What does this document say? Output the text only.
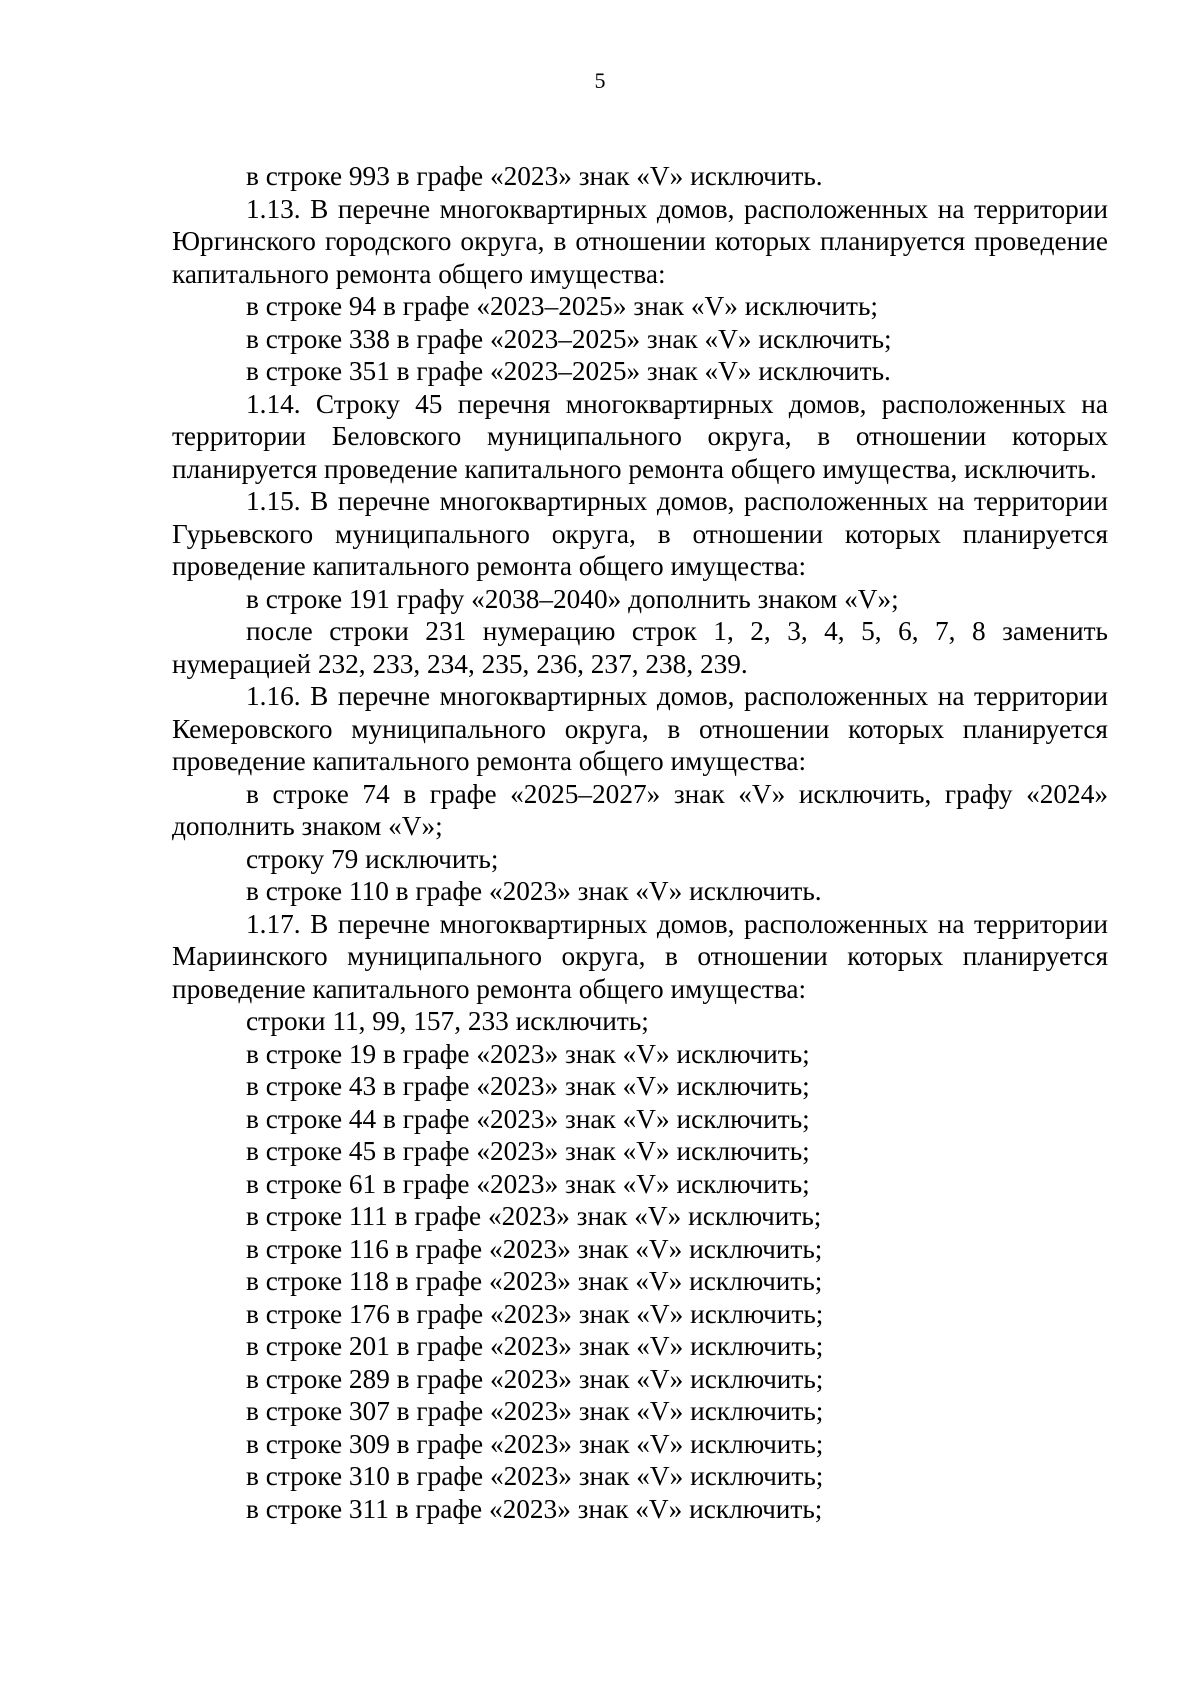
5

в строке 993 в графе «2023» знак «V» исключить.

1.13. В перечне многоквартирных домов, расположенных на территории Юргинского городского округа, в отношении которых планируется проведение капитального ремонта общего имущества:

в строке 94 в графе «2023–2025» знак «V» исключить;

в строке 338 в графе «2023–2025» знак «V» исключить;

в строке 351 в графе «2023–2025» знак «V» исключить.

1.14. Строку 45 перечня многоквартирных домов, расположенных на территории Беловского муниципального округа, в отношении которых планируется проведение капитального ремонта общего имущества, исключить.

1.15. В перечне многоквартирных домов, расположенных на территории Гурьевского муниципального округа, в отношении которых планируется проведение капитального ремонта общего имущества:

в строке 191 графу «2038–2040» дополнить знаком «V»;

после строки 231 нумерацию строк 1, 2, 3, 4, 5, 6, 7, 8 заменить нумерацией 232, 233, 234, 235, 236, 237, 238, 239.

1.16. В перечне многоквартирных домов, расположенных на территории Кемеровского муниципального округа, в отношении которых планируется проведение капитального ремонта общего имущества:

в строке 74 в графе «2025–2027» знак «V» исключить, графу «2024» дополнить знаком «V»;

строку 79 исключить;

в строке 110 в графе «2023» знак «V» исключить.

1.17. В перечне многоквартирных домов, расположенных на территории Мариинского муниципального округа, в отношении которых планируется проведение капитального ремонта общего имущества:

строки 11, 99, 157, 233 исключить;

в строке 19 в графе «2023» знак «V» исключить;

в строке 43 в графе «2023» знак «V» исключить;

в строке 44 в графе «2023» знак «V» исключить;

в строке 45 в графе «2023» знак «V» исключить;

в строке 61 в графе «2023» знак «V» исключить;

в строке 111 в графе «2023» знак «V» исключить;

в строке 116 в графе «2023» знак «V» исключить;

в строке 118 в графе «2023» знак «V» исключить;

в строке 176 в графе «2023» знак «V» исключить;

в строке 201 в графе «2023» знак «V» исключить;

в строке 289 в графе «2023» знак «V» исключить;

в строке 307 в графе «2023» знак «V» исключить;

в строке 309 в графе «2023» знак «V» исключить;

в строке 310 в графе «2023» знак «V» исключить;

в строке 311 в графе «2023» знак «V» исключить;
